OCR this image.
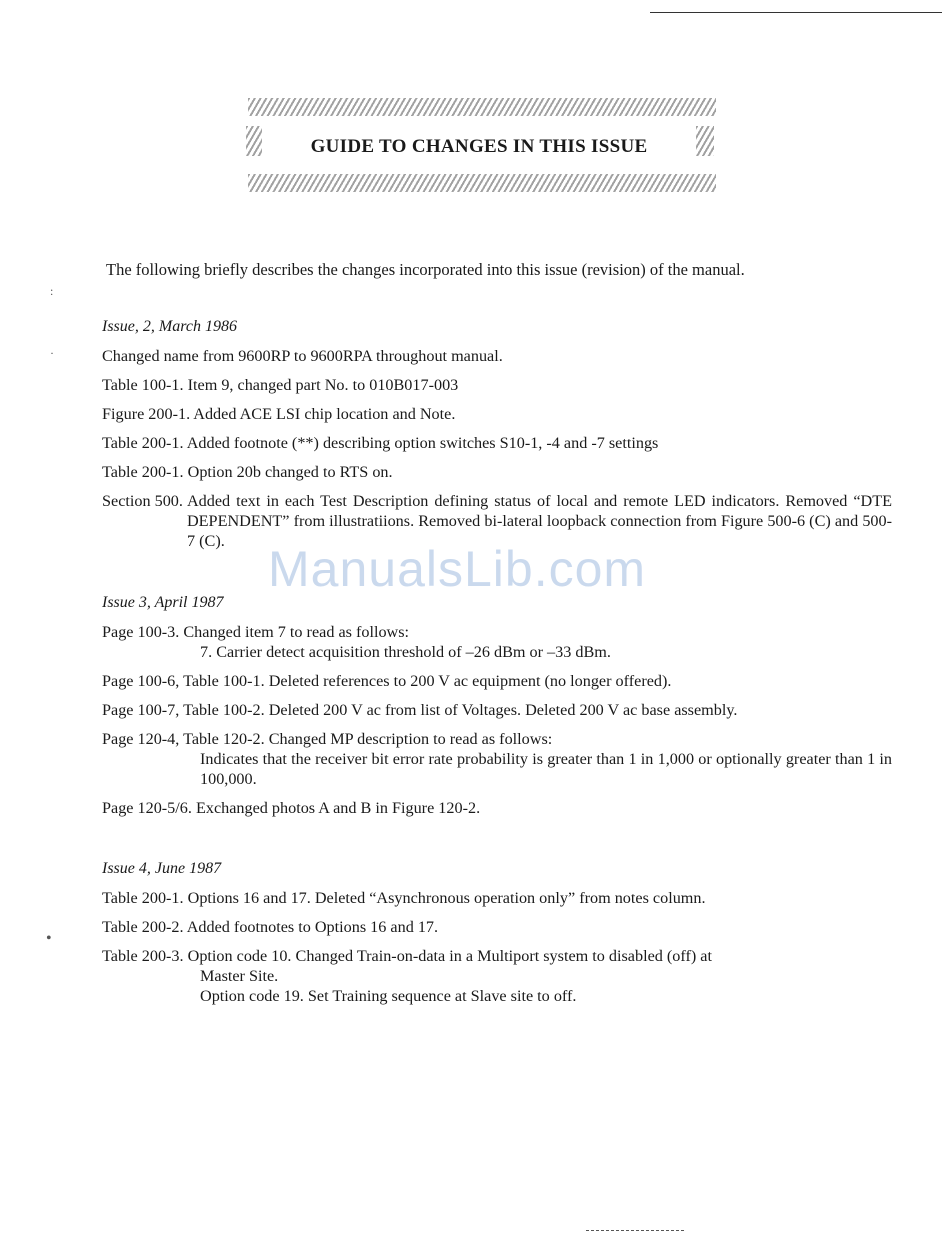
GUIDE TO CHANGES IN THIS ISSUE
The following briefly describes the changes incorporated into this issue (revision) of the manual.
Issue, 2, March 1986
Changed name from 9600RP to 9600RPA throughout manual.
Table 100-1. Item 9, changed part No. to 010B017-003
Figure 200-1. Added ACE LSI chip location and Note.
Table 200-1. Added footnote (**) describing option switches S10-1, -4 and -7 settings
Table 200-1. Option 20b changed to RTS on.
Section 500. Added text in each Test Description defining status of local and remote LED indicators. Removed “DTE DEPENDENT” from illustratiions. Removed bi-lateral loopback connection from Figure 500-6 (C) and 500-7 (C).
Issue 3, April 1987
Page 100-3. Changed item 7 to read as follows:
7. Carrier detect acquisition threshold of –26 dBm or –33 dBm.
Page 100-6, Table 100-1. Deleted references to 200 V ac equipment (no longer offered).
Page 100-7, Table 100-2. Deleted 200 V ac from list of Voltages. Deleted 200 V ac base assembly.
Page 120-4, Table 120-2. Changed MP description to read as follows:
Indicates that the receiver bit error rate probability is greater than 1 in 1,000 or optionally greater than 1 in 100,000.
Page 120-5/6. Exchanged photos A and B in Figure 120-2.
Issue 4, June 1987
Table 200-1. Options 16 and 17. Deleted “Asynchronous operation only” from notes column.
Table 200-2. Added footnotes to Options 16 and 17.
Table 200-3. Option code 10. Changed Train-on-data in a Multiport system to disabled (off) at
Master Site.
Option code 19. Set Training sequence at Slave site to off.
ManualsLib.com
:
·
•
